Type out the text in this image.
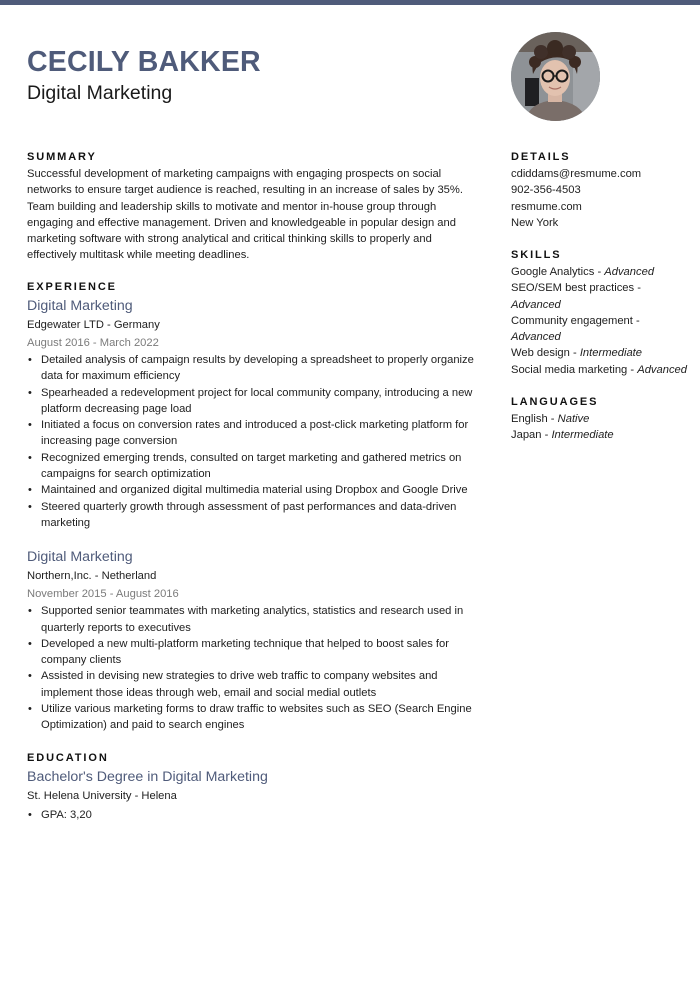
CECILY BAKKER
Digital Marketing
SUMMARY

Successful development of marketing campaigns with engaging prospects on social networks to ensure target audience is reached, resulting in an increase of sales by 35%. Team building and leadership skills to motivate and mentor in-house group through engaging and effective management. Driven and knowledgeable in popular design and marketing software with strong analytical and critical thinking skills to properly and effectively multitask while meeting deadlines.

EXPERIENCE
Digital Marketing
Edgewater LTD - Germany
August 2016 - March 2022
• Detailed analysis of campaign results by developing a spreadsheet to properly organize data for maximum efficiency
• Spearheaded a redevelopment project for local community company, introducing a new platform decreasing page load
• Initiated a focus on conversion rates and introduced a post-click marketing platform for increasing page conversion
• Recognized emerging trends, consulted on target marketing and gathered metrics on campaigns for search optimization
• Maintained and organized digital multimedia material using Dropbox and Google Drive
• Steered quarterly growth through assessment of past performances and data-driven marketing
Digital Marketing
Northern,Inc. - Netherland
November 2015 - August 2016
• Supported senior teammates with marketing analytics, statistics and research used in quarterly reports to executives
• Developed a new multi-platform marketing technique that helped to boost sales for company clients
• Assisted in devising new strategies to drive web traffic to company websites and implement those ideas through web, email and social medial outlets
• Utilize various marketing forms to draw traffic to websites such as SEO (Search Engine Optimization) and paid to search engines
EDUCATION
Bachelor's Degree in Digital Marketing
St. Helena University - Helena
• GPA: 3,20
DETAILS
cdiddams@resmume.com
902-356-4503
resmume.com
New York
SKILLS
Google Analytics - Advanced
SEO/SEM best practices -
Advanced
Community engagement -
Advanced
Web design - Intermediate
Social media marketing - Advanced
LANGUAGES
English - Native
Japan - Intermediate
